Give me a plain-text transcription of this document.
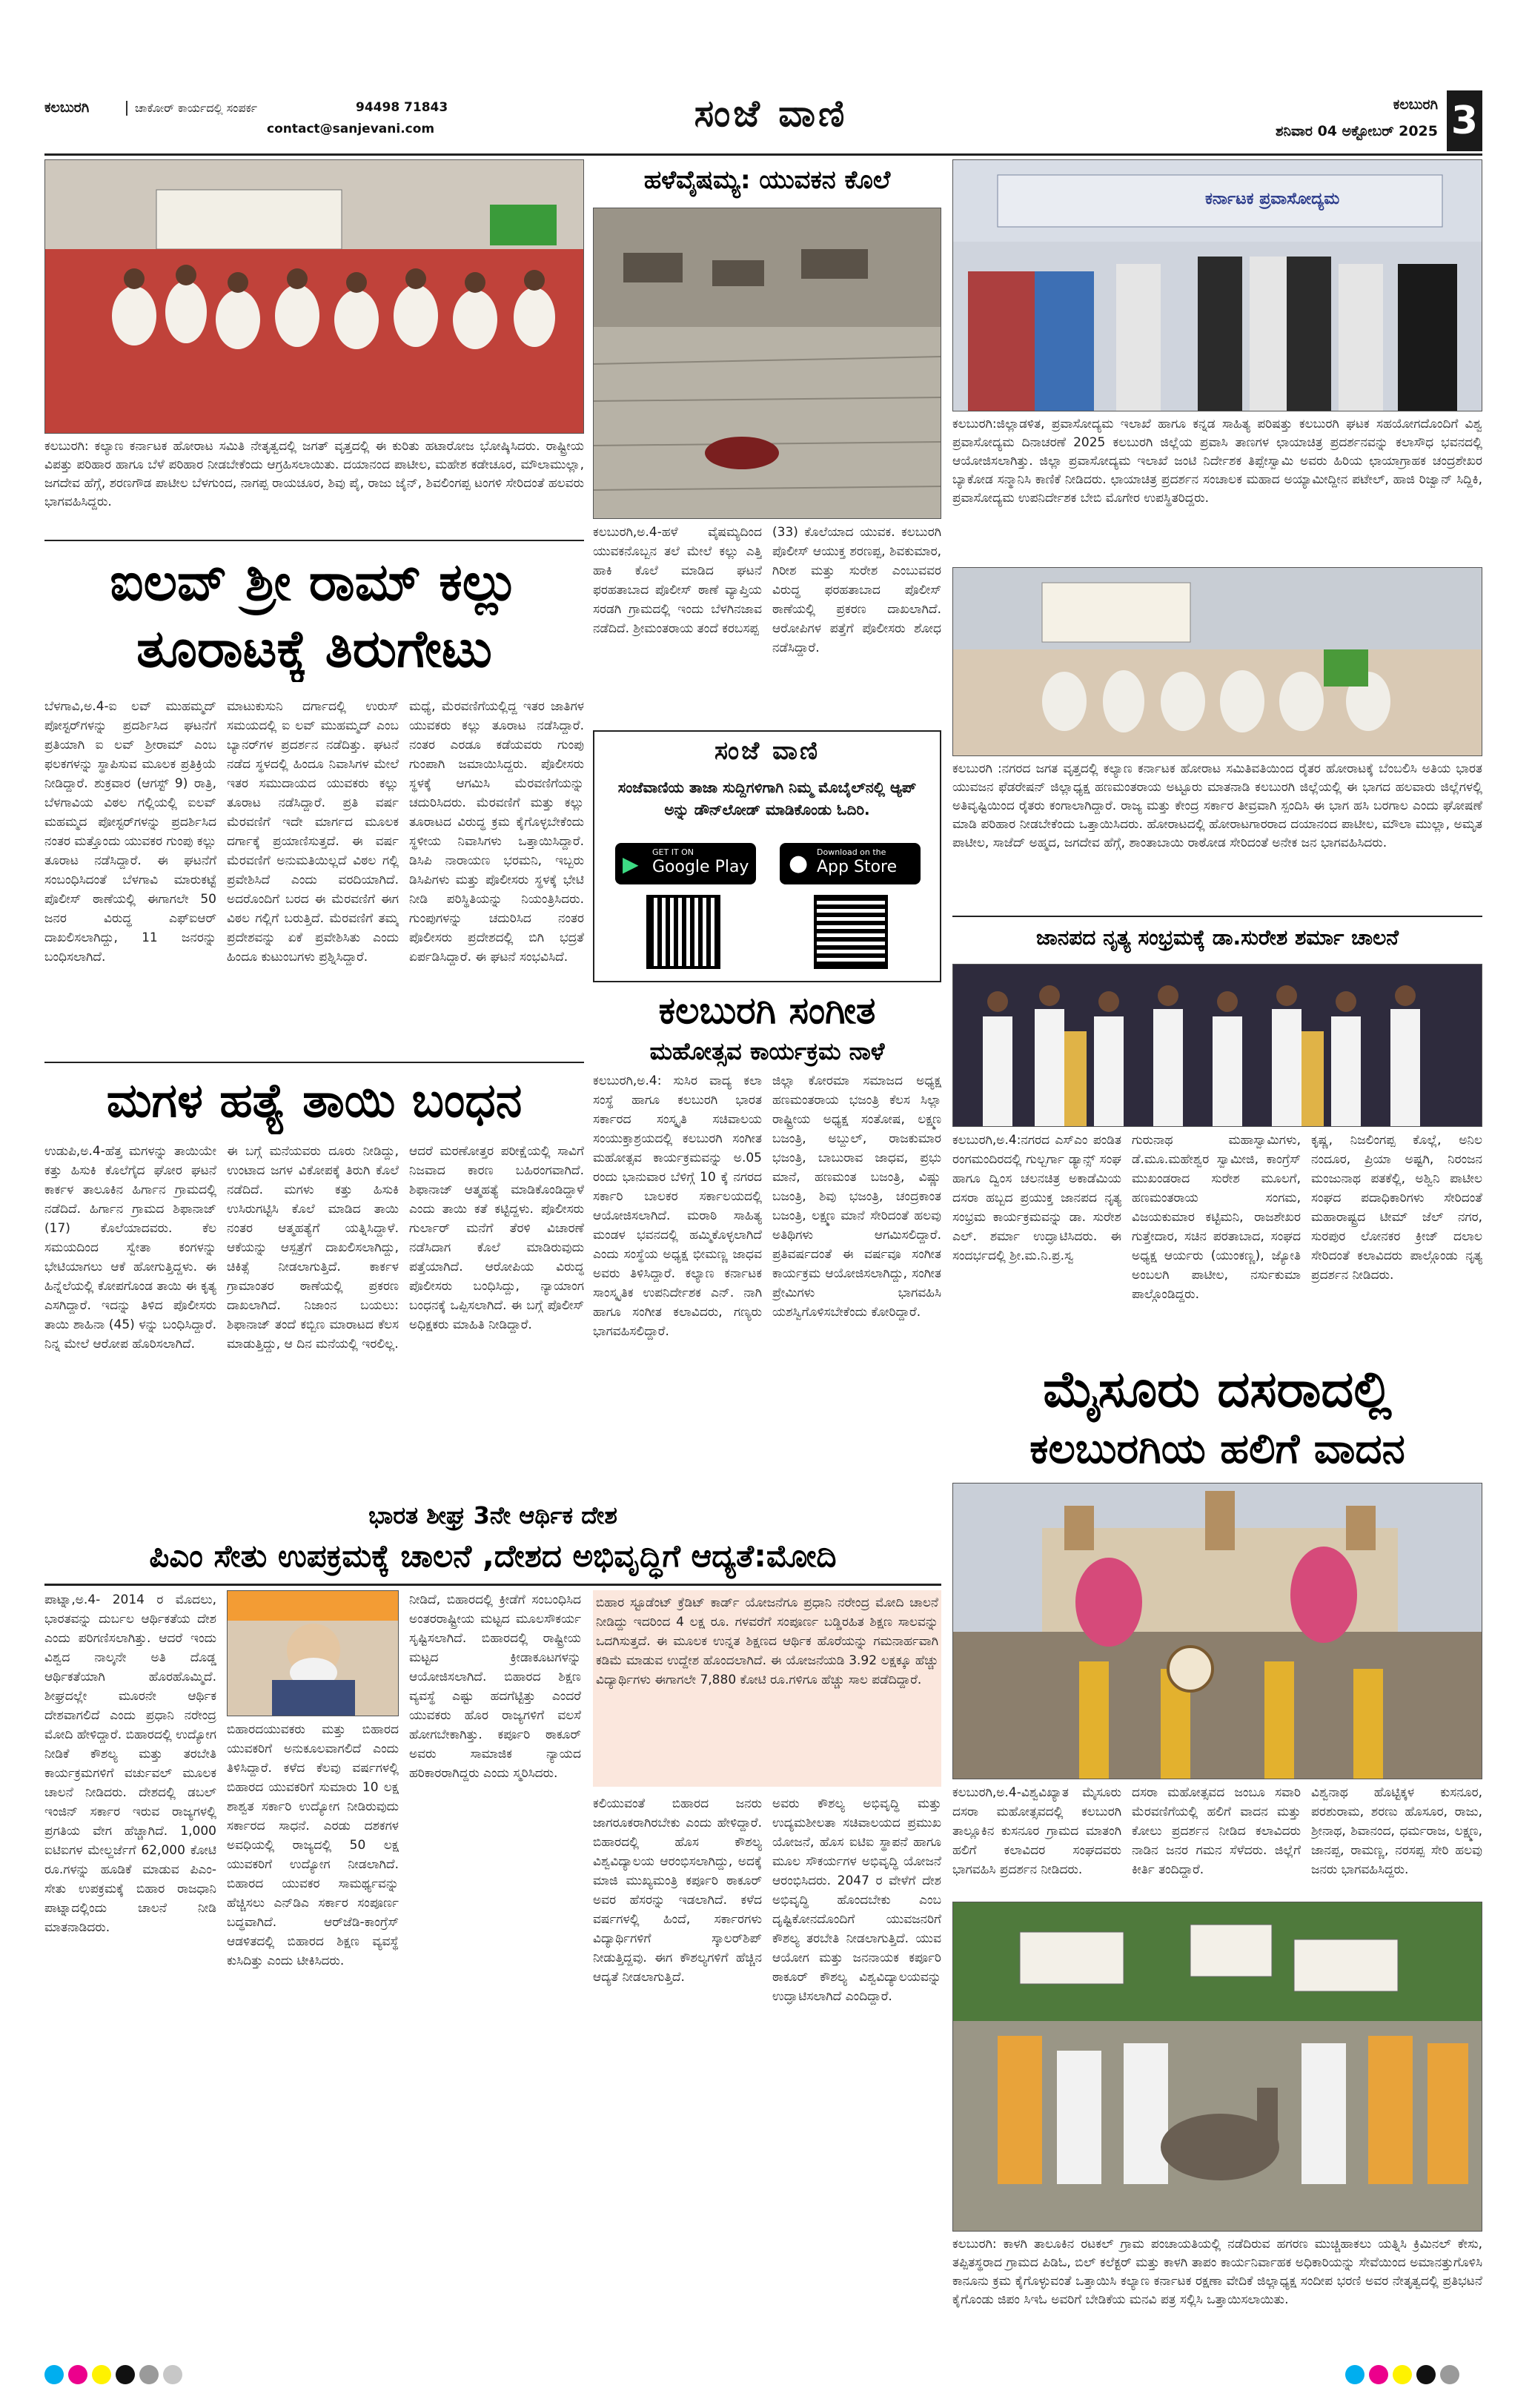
ಕಲಬುರಗಿ	ಚಾಕೋರ್ ಕಾರ್ಯದಲ್ಲಿ ಸಂಪರ್ಕ	94498 71843
contact@sanjevani.com	ಸಂಜೆ ವಾಣಿ	ಕಲಬುರಗಿ
ಶನಿವಾರ 04 ಅಕ್ಟೋಬರ್ 2025 3
ಕಲಬುರಗಿ: ಕಲ್ಯಾಣ ಕರ್ನಾಟಕ ಹೋರಾಟ ಸಮಿತಿ ನೇತೃತ್ವದಲ್ಲಿ ಜಗತ್ ವೃತ್ತದಲ್ಲಿ ಈ ಕುರಿತು ಹಟಾರೋಜ ಭೋಷ್ಕಿಸಿದರು. ರಾಷ್ಟ್ರೀಯ ವಿಪತ್ತು ಪರಿಹಾರ ಹಾಗೂ ಬೆಳೆ ಪರಿಹಾರ ನೀಡಬೇಕೆಂದು ಆಗ್ರಹಿಸಲಾಯಿತು. ದಯಾನಂದ ಪಾಟೀಲ, ಮಹೇಶ ಕಡೇಚೂರ, ಮೌಲಾಮುಲ್ಲಾ, ಜಗದೇವ ಹೆಗ್ಗೆ, ಶರಣಗೌಡ ಪಾಟೀಲ ಬೆಳಗುಂದ, ನಾಗಪ್ಪ ರಾಯಚೂರ, ಶಿವು ಪೈ, ರಾಜು ಜೈನ್, ಶಿವಲಿಂಗಪ್ಪ ಟಂಗಳಿ ಸೇರಿದಂತೆ ಹಲವರು ಭಾಗವಹಿಸಿದ್ದರು.
ಐಲವ್ ಶ್ರೀ ರಾಮ್ ಕಲ್ಲು
ತೂರಾಟಕ್ಕೆ ತಿರುಗೇಟು
ಬೆಳಗಾವಿ,ಅ.4-ಐ ಲವ್ ಮುಹಮ್ಮದ್ ಪೋಸ್ಟರ್‌ಗಳನ್ನು ಪ್ರದರ್ಶಿಸಿದ ಘಟನೆಗೆ ಪ್ರತಿಯಾಗಿ ಐ ಲವ್ ಶ್ರೀರಾಮ್ ಎಂಬ ಫಲಕಗಳನ್ನು ಸ್ಥಾಪಿಸುವ ಮೂಲಕ ಪ್ರತಿಕ್ರಿಯೆ ನೀಡಿದ್ದಾರೆ. ಶುಕ್ರವಾರ (ಆಗಸ್ಟ್ 9) ರಾತ್ರಿ, ಬೆಳಗಾವಿಯ ವಿಠಲ ಗಲ್ಲಿಯಲ್ಲಿ ಐಲವ್ ಮಹಮ್ಮದ ಪೋಸ್ಟರ್‌ಗಳನ್ನು ಪ್ರದರ್ಶಿಸಿದ ನಂತರ ಮತ್ತೊಂದು ಯುವಕರ ಗುಂಪು ಕಲ್ಲು ತೂರಾಟ ನಡೆಸಿದ್ದಾರೆ. ಈ ಘಟನೆಗೆ ಸಂಬಂಧಿಸಿದಂತೆ ಬೆಳಗಾವಿ ಮಾರುಕಟ್ಟೆ ಪೊಲೀಸ್ ಠಾಣೆಯಲ್ಲಿ ಈಗಾಗಲೇ 50 ಜನರ ವಿರುದ್ಧ ಎಫ್‌ಐಆರ್ ದಾಖಲಿಸಲಾಗಿದ್ದು, 11 ಜನರನ್ನು ಬಂಧಿಸಲಾಗಿದೆ.
ಮಾಟುಕುಸುನಿ ದರ್ಗಾದಲ್ಲಿ ಉರುಸ್ ಸಮಯದಲ್ಲಿ ಐ ಲವ್ ಮುಹಮ್ಮದ್ ಎಂಬ ಬ್ಯಾನರ್‌ಗಳ ಪ್ರದರ್ಶನ ನಡೆದಿತ್ತು. ಘಟನೆ ನಡೆದ ಸ್ಥಳದಲ್ಲಿ ಹಿಂದೂ ನಿವಾಸಿಗಳ ಮೇಲೆ ಇತರ ಸಮುದಾಯದ ಯುವಕರು ಕಲ್ಲು ತೂರಾಟ ನಡೆಸಿದ್ದಾರೆ. ಪ್ರತಿ ವರ್ಷ ಮೆರವಣಿಗೆ ಇದೇ ಮಾರ್ಗದ ಮೂಲಕ ದರ್ಗಾಕ್ಕೆ ಪ್ರಯಾಣಿಸುತ್ತದೆ. ಈ ವರ್ಷ ಮೆರವಣಿಗೆ ಅನುಮತಿಯಿಲ್ಲದೆ ವಿಠಲ ಗಲ್ಲಿ ಪ್ರವೇಶಿಸಿದೆ ಎಂದು ವರದಿಯಾಗಿದೆ. ಅದರೊಂದಿಗೆ ಬರದ ಈ ಮೆರವಣಿಗೆ ಈಗ ವಿಠಲ ಗಲ್ಲಿಗೆ ಬರುತ್ತಿದೆ. ಮೆರವಣಿಗೆ ತಮ್ಮ ಪ್ರದೇಶವನ್ನು ಏಕೆ ಪ್ರವೇಶಿಸಿತು ಎಂದು ಹಿಂದೂ ಕುಟುಂಬಗಳು ಪ್ರಶ್ನಿಸಿದ್ದಾರೆ.
ಮಧ್ಯೆ, ಮೆರವಣಿಗೆಯಲ್ಲಿದ್ದ ಇತರ ಜಾತಿಗಳ ಯುವಕರು ಕಲ್ಲು ತೂರಾಟ ನಡೆಸಿದ್ದಾರೆ. ನಂತರ ಎರಡೂ ಕಡೆಯವರು ಗುಂಪು ಗುಂಪಾಗಿ ಜಮಾಯಿಸಿದ್ದರು. ಪೊಲೀಸರು ಸ್ಥಳಕ್ಕೆ ಆಗಮಿಸಿ ಮೆರವಣಿಗೆಯನ್ನು ಚದುರಿಸಿದರು. ಮೆರವಣಿಗೆ ಮತ್ತು ಕಲ್ಲು ತೂರಾಟದ ವಿರುದ್ಧ ಕ್ರಮ ಕೈಗೊಳ್ಳಬೇಕೆಂದು ಸ್ಥಳೀಯ ನಿವಾಸಿಗಳು ಒತ್ತಾಯಿಸಿದ್ದಾರೆ. ಡಿಸಿಪಿ ನಾರಾಯಣ ಭರಮನಿ, ಇಬ್ಬರು ಡಿಸಿಪಿಗಳು ಮತ್ತು ಪೊಲೀಸರು ಸ್ಥಳಕ್ಕೆ ಭೇಟಿ ನೀಡಿ ಪರಿಸ್ಥಿತಿಯನ್ನು ನಿಯಂತ್ರಿಸಿದರು. ಗುಂಪುಗಳನ್ನು ಚದುರಿಸಿದ ನಂತರ ಪೊಲೀಸರು ಪ್ರದೇಶದಲ್ಲಿ ಬಿಗಿ ಭದ್ರತೆ ಏರ್ಪಡಿಸಿದ್ದಾರೆ. ಈ ಘಟನೆ ಸಂಭವಿಸಿದೆ.
ಮಗಳ ಹತ್ಯೆ ತಾಯಿ ಬಂಧನ
ಉಡುಪಿ,ಅ.4-ಹೆತ್ತ ಮಗಳನ್ನು ತಾಯಿಯೇ ಕತ್ತು ಹಿಸುಕಿ ಕೊಲೆಗೈದ ಘೋರ ಘಟನೆ ಕಾರ್ಕಳ ತಾಲೂಕಿನ ಹಿರ್ಗಾನ ಗ್ರಾಮದಲ್ಲಿ ನಡೆದಿದೆ. ಹಿರ್ಗಾನ ಗ್ರಾಮದ ಶಿಫಾನಾಜ್ (17) ಕೊಲೆಯಾದವರು. ಕೆಲ ಸಮಯದಿಂದ ಸ್ವೇತಾ ಕಂಗಳನ್ನು ಭೇಟಿಯಾಗಲು ಆಕೆ ಹೋಗುತ್ತಿದ್ದಳು. ಈ ಹಿನ್ನೆಲೆಯಲ್ಲಿ ಕೋಪಗೊಂಡ ತಾಯಿ ಈ ಕೃತ್ಯ ಎಸಗಿದ್ದಾರೆ. ಇದನ್ನು ತಿಳಿದ ಪೊಲೀಸರು ತಾಯಿ ಶಾಹಿನಾ (45) ಳನ್ನು ಬಂಧಿಸಿದ್ದಾರೆ. ನಿನ್ನ ಮೇಲೆ ಆರೋಪ ಹೊರಿಸಲಾಗಿದೆ.
ಈ ಬಗ್ಗೆ ಮನೆಯವರು ದೂರು ನೀಡಿದ್ದು, ಉಂಟಾದ ಜಗಳ ವಿಕೋಪಕ್ಕೆ ತಿರುಗಿ ಕೊಲೆ ನಡೆದಿದೆ. ಮಗಳು ಕತ್ತು ಹಿಸುಕಿ ಉಸಿರುಗಟ್ಟಿಸಿ ಕೊಲೆ ಮಾಡಿದ ತಾಯಿ ನಂತರ ಆತ್ಮಹತ್ಯೆಗೆ ಯತ್ನಿಸಿದ್ದಾಳೆ. ಆಕೆಯನ್ನು ಆಸ್ಪತ್ರೆಗೆ ದಾಖಲಿಸಲಾಗಿದ್ದು, ಚಿಕಿತ್ಸೆ ನೀಡಲಾಗುತ್ತಿದೆ. ಕಾರ್ಕಳ ಗ್ರಾಮಾಂತರ ಠಾಣೆಯಲ್ಲಿ ಪ್ರಕರಣ ದಾಖಲಾಗಿದೆ. ನಿಜಾಂನ ಬಯಲು: ಶಿಫಾನಾಜ್ ತಂದೆ ಕಬ್ಬಿಣ ಮಾರಾಟದ ಕೆಲಸ ಮಾಡುತ್ತಿದ್ದು, ಆ ದಿನ ಮನೆಯಲ್ಲಿ ಇರಲಿಲ್ಲ.
ಆದರೆ ಮರಣೋತ್ತರ ಪರೀಕ್ಷೆಯಲ್ಲಿ ಸಾವಿಗೆ ನಿಜವಾದ ಕಾರಣ ಬಹಿರಂಗವಾಗಿದೆ. ಶಿಫಾನಾಜ್ ಆತ್ಮಹತ್ಯೆ ಮಾಡಿಕೊಂಡಿದ್ದಾಳೆ ಎಂದು ತಾಯಿ ಕತೆ ಕಟ್ಟಿದ್ದಳು. ಪೊಲೀಸರು ಗುರ್ಲಾರ್ ಮನೆಗೆ ತೆರಳಿ ವಿಚಾರಣೆ ನಡೆಸಿದಾಗ ಕೊಲೆ ಮಾಡಿರುವುದು ಪತ್ತೆಯಾಗಿದೆ. ಆರೋಪಿಯ ವಿರುದ್ಧ ಪೊಲೀಸರು ಬಂಧಿಸಿದ್ದು, ನ್ಯಾಯಾಂಗ ಬಂಧನಕ್ಕೆ ಒಪ್ಪಿಸಲಾಗಿದೆ. ಈ ಬಗ್ಗೆ ಪೊಲೀಸ್ ಅಧಿಕ್ಷಕರು ಮಾಹಿತಿ ನೀಡಿದ್ದಾರೆ.
ಹಳೆವೈಷಮ್ಯ: ಯುವಕನ ಕೊಲೆ
ಕಲಬುರಗಿ,ಅ.4-ಹಳೆ ವೈಷಮ್ಯದಿಂದ ಯುವಕನೊಬ್ಬನ ತಲೆ ಮೇಲೆ ಕಲ್ಲು ಎತ್ತಿ ಹಾಕಿ ಕೊಲೆ ಮಾಡಿದ ಘಟನೆ ಫರಹತಾಬಾದ ಪೊಲೀಸ್ ಠಾಣೆ ವ್ಯಾಪ್ತಿಯ ಸರಡಗಿ ಗ್ರಾಮದಲ್ಲಿ ಇಂದು ಬೆಳಗಿನಜಾವ ನಡೆದಿದೆ. ಶ್ರೀಮಂತರಾಯ ತಂದೆ ಕರಬಸಪ್ಪ
(33) ಕೊಲೆಯಾದ ಯುವಕ. ಕಲಬುರಗಿ ಪೊಲೀಸ್ ಆಯುಕ್ತ ಶರಣಪ್ಪ, ಶಿವಕುಮಾರ, ಗಿರೀಶ ಮತ್ತು ಸುರೇಶ ಎಂಬುವವರ ವಿರುದ್ಧ ಫರಹತಾಬಾದ ಪೊಲೀಸ್ ಠಾಣೆಯಲ್ಲಿ ಪ್ರಕರಣ ದಾಖಲಾಗಿದೆ. ಆರೋಪಿಗಳ ಪತ್ತೆಗೆ ಪೊಲೀಸರು ಶೋಧ ನಡೆಸಿದ್ದಾರೆ.
ಸಂಜೆ ವಾಣಿ
ಸಂಜೆವಾಣಿಯ ತಾಜಾ ಸುದ್ದಿಗಳಿಗಾಗಿ ನಿಮ್ಮ ಮೊಬೈಲ್‌ನಲ್ಲಿ ಆ್ಯಪ್ ಅನ್ನು ಡೌನ್‌ಲೋಡ್ ಮಾಡಿಕೊಂಡು ಓದಿರಿ.
▶ GET IT ON
Google Play ● Download on the
App Store
ಕಲಬುರಗಿ ಸಂಗೀತ
ಮಹೋತ್ಸವ ಕಾರ್ಯಕ್ರಮ ನಾಳೆ
ಕಲಬುರಗಿ,ಅ.4: ಸುಸಿರ ವಾದ್ಯ ಕಲಾ ಸಂಸ್ಥೆ ಹಾಗೂ ಕಲಬುರಗಿ ಭಾರತ ಸರ್ಕಾರದ ಸಂಸ್ಕೃತಿ ಸಚಿವಾಲಯ ಸಂಯುಕ್ತಾಶ್ರಯದಲ್ಲಿ ಕಲಬುರಗಿ ಸಂಗೀತ ಮಹೋತ್ಸವ ಕಾರ್ಯಕ್ರಮವನ್ನು ಅ.05 ರಂದು ಭಾನುವಾರ ಬೆಳಿಗ್ಗೆ 10 ಕ್ಕೆ ನಗರದ ಸರ್ಕಾರಿ ಬಾಲಕರ ಸರ್ಕಾಲಯದಲ್ಲಿ ಆಯೋಜಿಸಲಾಗಿದೆ. ಮರಾಠಿ ಸಾಹಿತ್ಯ ಮಂಡಳ ಭವನದಲ್ಲಿ ಹಮ್ಮಿಕೊಳ್ಳಲಾಗಿದೆ ಎಂದು ಸಂಸ್ಥೆಯ ಅಧ್ಯಕ್ಷ ಭೀಮಣ್ಣ ಜಾಧವ ಅವರು ತಿಳಿಸಿದ್ದಾರೆ. ಕಲ್ಯಾಣ ಕರ್ನಾಟಕ ಸಾಂಸ್ಕೃತಿಕ ಉಪನಿರ್ದೇಶಕ ಎನ್. ನಾಗಿ ಹಾಗೂ ಸಂಗೀತ ಕಲಾವಿದರು, ಗಣ್ಯರು ಭಾಗವಹಿಸಲಿದ್ದಾರೆ.
ಜಿಲ್ಲಾ ಕೋರಮಾ ಸಮಾಜದ ಅಧ್ಯಕ್ಷ ಹಣಮಂತರಾಯ ಭಜಂತ್ರಿ ಕೆಲಸ ಸಿಲ್ಲಾ ರಾಷ್ಟ್ರೀಯ ಅಧ್ಯಕ್ಷ ಸಂತೋಷ, ಲಕ್ಷ್ಮಣ ಬಜಂತ್ರಿ, ಅಬ್ದುಲ್, ರಾಜಕುಮಾರ ಭಜಂತ್ರಿ, ಬಾಬುರಾವ ಜಾಧವ, ಪ್ರಭು ಮಾನೆ, ಹಣಮಂತ ಬಜಂತ್ರಿ, ವಿಷ್ಣು ಬಜಂತ್ರಿ, ಶಿವು ಭಜಂತ್ರಿ, ಚಂದ್ರಕಾಂತ ಬಜಂತ್ರಿ, ಲಕ್ಷ್ಮಣ ಮಾನೆ ಸೇರಿದಂತೆ ಹಲವು ಅತಿಥಿಗಳು ಆಗಮಿಸಲಿದ್ದಾರೆ. ಪ್ರತಿವರ್ಷದಂತೆ ಈ ವರ್ಷವೂ ಸಂಗೀತ ಕಾರ್ಯಕ್ರಮ ಆಯೋಜಿಸಲಾಗಿದ್ದು, ಸಂಗೀತ ಪ್ರೇಮಿಗಳು ಭಾಗವಹಿಸಿ ಯಶಸ್ವಿಗೊಳಿಸಬೇಕೆಂದು ಕೋರಿದ್ದಾರೆ.
ಕರ್ನಾಟಕ ಪ್ರವಾಸೋದ್ಯಮ
ಕಲಬುರಗಿ:ಜಿಲ್ಲಾಡಳಿತ, ಪ್ರವಾಸೋದ್ಯಮ ಇಲಾಖೆ ಹಾಗೂ ಕನ್ನಡ ಸಾಹಿತ್ಯ ಪರಿಷತ್ತು ಕಲಬುರಗಿ ಘಟಕ ಸಹಯೋಗದೊಂದಿಗೆ ವಿಶ್ವ ಪ್ರವಾಸೋದ್ಯಮ ದಿನಾಚರಣೆ 2025 ಕಲಬುರಗಿ ಜಿಲ್ಲೆಯ ಪ್ರವಾಸಿ ತಾಣಗಳ ಛಾಯಾಚಿತ್ರ ಪ್ರದರ್ಶನವನ್ನು ಕಲಾಸೌಧ ಭವನದಲ್ಲಿ ಆಯೋಜಿಸಲಾಗಿತ್ತು. ಜಿಲ್ಲಾ ಪ್ರವಾಸೋದ್ಯಮ ಇಲಾಖೆ ಜಂಟಿ ನಿರ್ದೇಶಕ ತಿಪ್ಪೇಸ್ವಾಮಿ ಅವರು ಹಿರಿಯ ಛಾಯಾಗ್ರಾಹಕ ಚಂದ್ರಶೇಖರ ಬ್ಯಾಕೋಡ ಸನ್ಮಾನಿಸಿ ಕಾಣಿಕೆ ನೀಡಿದರು. ಛಾಯಾಚಿತ್ರ ಪ್ರದರ್ಶನ ಸಂಚಾಲಕ ಮಹಾದ ಅಯ್ಯಾಮೀದ್ದೀನ ಪಟೇಲ್, ಹಾಜಿ ರಿಜ್ವಾನ್ ಸಿದ್ದಿಕಿ, ಪ್ರವಾಸೋದ್ಯಮ ಉಪನಿರ್ದೇಶಕ ಬೇಬಿ ಮೊಗೇರ ಉಪಸ್ಥಿತರಿದ್ದರು.
ಕಲಬುರಗಿ :ನಗರದ ಜಗತ ವೃತ್ತದಲ್ಲಿ ಕಲ್ಯಾಣ ಕರ್ನಾಟಕ ಹೋರಾಟ ಸಮಿತಿವತಿಯಿಂದ ರೈತರ ಹೋರಾಟಕ್ಕೆ ಬೆಂಬಲಿಸಿ ಅತಿಯ ಭಾರತ ಯುವಜನ ಫೆಡರೇಷನ್ ಜಿಲ್ಲಾಧ್ಯಕ್ಷ ಹಣಮಂತರಾಯ ಅಟ್ಟೂರು ಮಾತನಾಡಿ ಕಲಬುರಗಿ ಜಿಲ್ಲೆಯಲ್ಲಿ ಈ ಭಾಗದ ಹಲವಾರು ಜಿಲ್ಲೆಗಳಲ್ಲಿ ಅತಿವೃಷ್ಟಿಯಿಂದ ರೈತರು ಕಂಗಾಲಾಗಿದ್ದಾರೆ. ರಾಜ್ಯ ಮತ್ತು ಕೇಂದ್ರ ಸರ್ಕಾರ ತೀವ್ರವಾಗಿ ಸ್ಪಂದಿಸಿ ಈ ಭಾಗ ಹಸಿ ಬರಗಾಲ ಎಂದು ಘೋಷಣೆ ಮಾಡಿ ಪರಿಹಾರ ನೀಡಬೇಕೆಂದು ಒತ್ತಾಯಿಸಿದರು. ಹೋರಾಟದಲ್ಲಿ ಹೋರಾಟಗಾರರಾದ ದಯಾನಂದ ಪಾಟೀಲ, ಮೌಲಾ ಮುಲ್ಲಾ, ಅಮೃತ ಪಾಟೀಲ, ಸಾಜೆದ್ ಅಹ್ಮದ, ಜಗದೇವ ಹೆಗ್ಗೆ, ಶಾಂತಾಬಾಯಿ ರಾಠೋಡ ಸೇರಿದಂತೆ ಅನೇಕ ಜನ ಭಾಗವಹಿಸಿದರು.
ಜಾನಪದ ನೃತ್ಯ ಸಂಭ್ರಮಕ್ಕೆ ಡಾ.ಸುರೇಶ ಶರ್ಮಾ ಚಾಲನೆ
ಕಲಬುರಗಿ,ಅ.4:ನಗರದ ಎಸ್‌ಎಂ ಪಂಡಿತ ರಂಗಮಂದಿರದಲ್ಲಿ ಗುಲ್ಬರ್ಗಾ ಡ್ಯಾನ್ಸ್ ಸಂಘ ಹಾಗೂ ದ್ವಿಂಸ ಚಲನಚಿತ್ರ ಅಕಾಡೆಮಿಯ ದಸರಾ ಹಬ್ಬದ ಪ್ರಯುಕ್ತ ಜಾನಪದ ನೃತ್ಯ ಸಂಭ್ರಮ ಕಾರ್ಯಕ್ರಮವನ್ನು ಡಾ. ಸುರೇಶ ಎಲ್. ಶರ್ಮಾ ಉದ್ಘಾಟಿಸಿದರು. ಈ ಸಂದರ್ಭದಲ್ಲಿ ಶ್ರೀ.ಮ.ನಿ.ಪ್ರ.ಸ್ವ
ಗುರುನಾಥ ಮಹಾಸ್ವಾಮಿಗಳು, ಡೆ.ಮೂ.ಮಹೇಶ್ವರ ಸ್ವಾಮೀಜಿ, ಕಾಂಗ್ರೆಸ್ ಮುಖಂಡರಾದ ಸುರೇಶ ಮೂಲಗೆ, ಹಣಮಂತರಾಯ ಸಂಗಮ, ವಿಜಯಕುಮಾರ ಕಟ್ಟಿಮನಿ, ರಾಜಶೇಖರ ಗುತ್ತೇದಾರ, ಸಚಿನ ಪರತಾಬಾದ, ಸಂಘದ ಅಧ್ಯಕ್ಷ ಆರ್ಯರು (ಯುಂಕಣ್ಣ), ಜ್ಯೋತಿ ಅಂಬಲಗಿ ಪಾಟೀಲ, ನರ್ಸುಕುಮಾ ಪಾಲ್ಗೊಂಡಿದ್ದರು.
ಕೃಷ್ಣ, ನಿಜಲಿಂಗಪ್ಪ ಕೊಲ್ಲೆ, ಅನಿಲ ನಂದೂರ, ಪ್ರಿಯಾ ಅಷ್ಟಗಿ, ನಿರಂಜನ ಮಂಜುನಾಥ ಪತಕೆಲ್ಲಿ, ಅಶ್ವಿನಿ ಪಾಟೀಲ ಸಂಘದ ಪದಾಧಿಕಾರಿಗಳು ಸೇರಿದಂತೆ ಮಹಾರಾಷ್ಟ್ರದ ಟೀಮ್ ಜೆಲ್ ನಗರ, ಸುರಪುರ ಲೋನಕರ ಕ್ರೀಜ್ ದಲಾಲ ಸೇರಿದಂತೆ ಕಲಾವಿದರು ಪಾಲ್ಗೊಂಡು ನೃತ್ಯ ಪ್ರದರ್ಶನ ನೀಡಿದರು.
ಮೈಸೂರು ದಸರಾದಲ್ಲಿ
ಕಲಬುರಗಿಯ ಹಲಿಗೆ ವಾದನ
ಭಾರತ ಶೀಘ್ರ 3ನೇ ಆರ್ಥಿಕ ದೇಶ
ಪಿಎಂ ಸೇತು ಉಪಕ್ರಮಕ್ಕೆ ಚಾಲನೆ ,ದೇಶದ ಅಭಿವೃದ್ಧಿಗೆ ಆದ್ಯತೆ:ಮೋದಿ
ಪಾಟ್ನಾ,ಅ.4- 2014 ರ ಮೊದಲು, ಭಾರತವನ್ನು ದುರ್ಬಲ ಆರ್ಥಿಕತೆಯ ದೇಶ ಎಂದು ಪರಿಗಣಿಸಲಾಗಿತ್ತು. ಆದರೆ ಇಂದು ವಿಶ್ವದ ನಾಲ್ಕನೇ ಅತಿ ದೊಡ್ಡ ಆರ್ಥಿಕತೆಯಾಗಿ ಹೊರಹೊಮ್ಮಿದೆ. ಶೀಘ್ರದಲ್ಲೇ ಮೂರನೇ ಆರ್ಥಿಕ ದೇಶವಾಗಲಿದೆ ಎಂದು ಪ್ರಧಾನಿ ನರೇಂದ್ರ ಮೋದಿ ಹೇಳಿದ್ದಾರೆ. ಬಿಹಾರದಲ್ಲಿ ಉದ್ಯೋಗ ನೀಡಿಕೆ ಕೌಶಲ್ಯ ಮತ್ತು ತರಬೇತಿ ಕಾರ್ಯಕ್ರಮಗಳಿಗೆ ವರ್ಚುವಲ್ ಮೂಲಕ ಚಾಲನೆ ನೀಡಿದರು. ದೇಶದಲ್ಲಿ ಡಬಲ್ ಇಂಜಿನ್ ಸರ್ಕಾರ ಇರುವ ರಾಜ್ಯಗಳಲ್ಲಿ ಪ್ರಗತಿಯ ವೇಗ ಹೆಚ್ಚಾಗಿದೆ. 1,000 ಐಟಿಐಗಳ ಮೇಲ್ದರ್ಜೆಗೆ 62,000 ಕೋಟಿ ರೂ.ಗಳನ್ನು ಹೂಡಿಕೆ ಮಾಡುವ ಪಿಎಂ-ಸೇತು ಉಪಕ್ರಮಕ್ಕೆ ಬಿಹಾರ ರಾಜಧಾನಿ ಪಾಟ್ನಾದಲ್ಲಿಂದು ಚಾಲನೆ ನೀಡಿ ಮಾತನಾಡಿದರು.
ಬಿಹಾರದಯುವಕರು ಮತ್ತು ಬಿಹಾರದ ಯುವಕರಿಗೆ ಅನುಕೂಲವಾಗಲಿದೆ ಎಂದು ತಿಳಿಸಿದ್ದಾರೆ. ಕಳೆದ ಕೆಲವು ವರ್ಷಗಳಲ್ಲಿ ಬಿಹಾರದ ಯುವಕರಿಗೆ ಸುಮಾರು 10 ಲಕ್ಷ ಶಾಶ್ವತ ಸರ್ಕಾರಿ ಉದ್ಯೋಗ ನೀಡಿರುವುದು ಸರ್ಕಾರದ ಸಾಧನೆ. ಎರಡು ದಶಕಗಳ ಅವಧಿಯಲ್ಲಿ ರಾಜ್ಯದಲ್ಲಿ 50 ಲಕ್ಷ ಯುವಕರಿಗೆ ಉದ್ಯೋಗ ನೀಡಲಾಗಿದೆ. ಬಿಹಾರದ ಯುವಕರ ಸಾಮರ್ಥ್ಯವನ್ನು ಹೆಚ್ಚಿಸಲು ಎನ್‌ಡಿಎ ಸರ್ಕಾರ ಸಂಪೂರ್ಣ ಬದ್ಧವಾಗಿದೆ. ಆರ್‌ಜೆಡಿ-ಕಾಂಗ್ರೆಸ್ ಆಡಳಿತದಲ್ಲಿ ಬಿಹಾರದ ಶಿಕ್ಷಣ ವ್ಯವಸ್ಥೆ ಕುಸಿದಿತ್ತು ಎಂದು ಟೀಕಿಸಿದರು.
ನೀಡಿದೆ, ಬಿಹಾರದಲ್ಲಿ ಕ್ರೀಡೆಗೆ ಸಂಬಂಧಿಸಿದ ಅಂತರರಾಷ್ಟ್ರೀಯ ಮಟ್ಟದ ಮೂಲಸೌಕರ್ಯ ಸೃಷ್ಟಿಸಲಾಗಿದೆ. ಬಿಹಾರದಲ್ಲಿ ರಾಷ್ಟ್ರೀಯ ಮಟ್ಟದ ಕ್ರೀಡಾಕೂಟಗಳನ್ನು ಆಯೋಜಿಸಲಾಗಿದೆ. ಬಿಹಾರದ ಶಿಕ್ಷಣ ವ್ಯವಸ್ಥೆ ಎಷ್ಟು ಹದಗೆಟ್ಟಿತ್ತು ಎಂದರೆ ಯುವಕರು ಹೊರ ರಾಜ್ಯಗಳಿಗೆ ವಲಸೆ ಹೋಗಬೇಕಾಗಿತ್ತು. ಕರ್ಪೂರಿ ಠಾಕೂರ್ ಅವರು ಸಾಮಾಜಿಕ ನ್ಯಾಯದ ಹರಿಕಾರರಾಗಿದ್ದರು ಎಂದು ಸ್ಮರಿಸಿದರು.
ಬಿಹಾರ ಸ್ಟೂಡೆಂಟ್ ಕ್ರೆಡಿಟ್ ಕಾರ್ಡ್ ಯೋಜನೆಗೂ ಪ್ರಧಾನಿ ನರೇಂದ್ರ ಮೋದಿ ಚಾಲನೆ ನೀಡಿದ್ದು ಇದರಿಂದ 4 ಲಕ್ಷ ರೂ. ಗಳವರೆಗೆ ಸಂಪೂರ್ಣ ಬಡ್ಡಿರಹಿತ ಶಿಕ್ಷಣ ಸಾಲವನ್ನು ಒದಗಿಸುತ್ತದೆ. ಈ ಮೂಲಕ ಉನ್ನತ ಶಿಕ್ಷಣದ ಆರ್ಥಿಕ ಹೊರೆಯನ್ನು ಗಮನಾರ್ಹವಾಗಿ ಕಡಿಮೆ ಮಾಡುವ ಉದ್ದೇಶ ಹೊಂದಲಾಗಿದೆ. ಈ ಯೋಜನೆಯಡಿ 3.92 ಲಕ್ಷಕ್ಕೂ ಹೆಚ್ಚು ವಿದ್ಯಾರ್ಥಿಗಳು ಈಗಾಗಲೇ 7,880 ಕೋಟಿ ರೂ.ಗಳಿಗೂ ಹೆಚ್ಚು ಸಾಲ ಪಡೆದಿದ್ದಾರೆ.
ಕಲಿಯುವಂತೆ ಬಿಹಾರದ ಜನರು ಜಾಗರೂಕರಾಗಿರಬೇಕು ಎಂದು ಹೇಳಿದ್ದಾರೆ. ಬಿಹಾರದಲ್ಲಿ ಹೊಸ ಕೌಶಲ್ಯ ವಿಶ್ವವಿದ್ಯಾಲಯ ಆರಂಭಿಸಲಾಗಿದ್ದು, ಅದಕ್ಕೆ ಮಾಜಿ ಮುಖ್ಯಮಂತ್ರಿ ಕರ್ಪೂರಿ ಠಾಕೂರ್ ಅವರ ಹೆಸರನ್ನು ಇಡಲಾಗಿದೆ. ಕಳೆದ ವರ್ಷಗಳಲ್ಲಿ ಹಿಂದೆ, ಸರ್ಕಾರಗಳು ವಿದ್ಯಾರ್ಥಿಗಳಿಗೆ ಸ್ಕಾಲರ್‌ಶಿಪ್ ನೀಡುತ್ತಿದ್ದವು. ಈಗ ಕೌಶಲ್ಯಗಳಿಗೆ ಹೆಚ್ಚಿನ ಆದ್ಯತೆ ನೀಡಲಾಗುತ್ತಿದೆ.
ಅವರು ಕೌಶಲ್ಯ ಅಭಿವೃದ್ಧಿ ಮತ್ತು ಉದ್ಯಮಶೀಲತಾ ಸಚಿವಾಲಯದ ಪ್ರಮುಖ ಯೋಜನೆ, ಹೊಸ ಐಟಿಐ ಸ್ಥಾಪನೆ ಹಾಗೂ ಮೂಲ ಸೌಕರ್ಯಗಳ ಅಭಿವೃದ್ಧಿ ಯೋಜನೆ ಆರಂಭಿಸಿದರು. 2047 ರ ವೇಳೆಗೆ ದೇಶ ಅಭಿವೃದ್ಧಿ ಹೊಂದಬೇಕು ಎಂಬ ದೃಷ್ಟಿಕೋನದೊಂದಿಗೆ ಯುವಜನರಿಗೆ ಕೌಶಲ್ಯ ತರಬೇತಿ ನೀಡಲಾಗುತ್ತಿದೆ. ಯುವ ಆಯೋಗ ಮತ್ತು ಜನನಾಯಕ ಕರ್ಪೂರಿ ಠಾಕೂರ್ ಕೌಶಲ್ಯ ವಿಶ್ವವಿದ್ಯಾಲಯವನ್ನು ಉದ್ಘಾಟಿಸಲಾಗಿದೆ ಎಂದಿದ್ದಾರೆ.
ಕಲಬುರಗಿ,ಅ.4-ವಿಶ್ವವಿಖ್ಯಾತ ಮೈಸೂರು ದಸರಾ ಮಹೋತ್ಸವದಲ್ಲಿ ಕಲಬುರಗಿ ತಾಲ್ಲೂಕಿನ ಕುಸನೂರ ಗ್ರಾಮದ ಮಾತಂಗಿ ಹಲಿಗೆ ಕಲಾವಿದರ ಸಂಘದವರು ಭಾಗವಹಿಸಿ ಪ್ರದರ್ಶನ ನೀಡಿದರು.
ದಸರಾ ಮಹೋತ್ಸವದ ಜಂಬೂ ಸವಾರಿ ಮೆರವಣಿಗೆಯಲ್ಲಿ ಹಲಿಗೆ ವಾದನ ಮತ್ತು ಕೋಲು ಪ್ರದರ್ಶನ ನೀಡಿದ ಕಲಾವಿದರು ನಾಡಿನ ಜನರ ಗಮನ ಸೆಳೆದರು. ಜಿಲ್ಲೆಗೆ ಕೀರ್ತಿ ತಂದಿದ್ದಾರೆ.
ವಿಶ್ವನಾಥ ಹೊಟ್ಟಿಕ್ಕಳ ಕುಸನೂರ, ಪರಶುರಾಮ, ಶರಣು ಹೊಸೂರ, ರಾಜು, ಶ್ರೀನಾಥ, ಶಿವಾನಂದ, ಧರ್ಮರಾಜ, ಲಕ್ಷ್ಮಣ, ಜಾನಪ್ಪ, ರಾಮಣ್ಣ, ನರಸಪ್ಪ ಸೇರಿ ಹಲವು ಜನರು ಭಾಗವಹಿಸಿದ್ದರು.
ಕಲಬುರಗಿ: ಕಾಳಗಿ ತಾಲೂಕಿನ ರಟಕಲ್ ಗ್ರಾಮ ಪಂಚಾಯತಿಯಲ್ಲಿ ನಡೆದಿರುವ ಹಗರಣ ಮುಚ್ಚಿಹಾಕಲು ಯತ್ನಿಸಿ ಕ್ರಿಮಿನಲ್ ಕೇಸು, ತಪ್ಪಿತಸ್ಥರಾದ ಗ್ರಾಮದ ಪಿಡಿಓ, ಬಿಲ್ ಕಲೆಕ್ಟರ್ ಮತ್ತು ಕಾಳಗಿ ತಾಪಂ ಕಾರ್ಯನಿರ್ವಾಹಕ ಅಧಿಕಾರಿಯನ್ನು ಸೇವೆಯಿಂದ ಅಮಾನತ್ತುಗೊಳಿಸಿ ಕಾನೂನು ಕ್ರಮ ಕೈಗೊಳ್ಳುವಂತೆ ಒತ್ತಾಯಿಸಿ ಕಲ್ಯಾಣ ಕರ್ನಾಟಕ ರಕ್ಷಣಾ ವೇದಿಕೆ ಜಿಲ್ಲಾಧ್ಯಕ್ಷ ಸಂದೀಪ ಭರಣಿ ಅವರ ನೇತೃತ್ವದಲ್ಲಿ ಪ್ರತಿಭಟನೆ ಕೈಗೊಂಡು ಜಿಪಂ ಸಿಇಓ ಅವರಿಗೆ ಬೇಡಿಕೆಯ ಮನವಿ ಪತ್ರ ಸಲ್ಲಿಸಿ ಒತ್ತಾಯಿಸಲಾಯಿತು.
